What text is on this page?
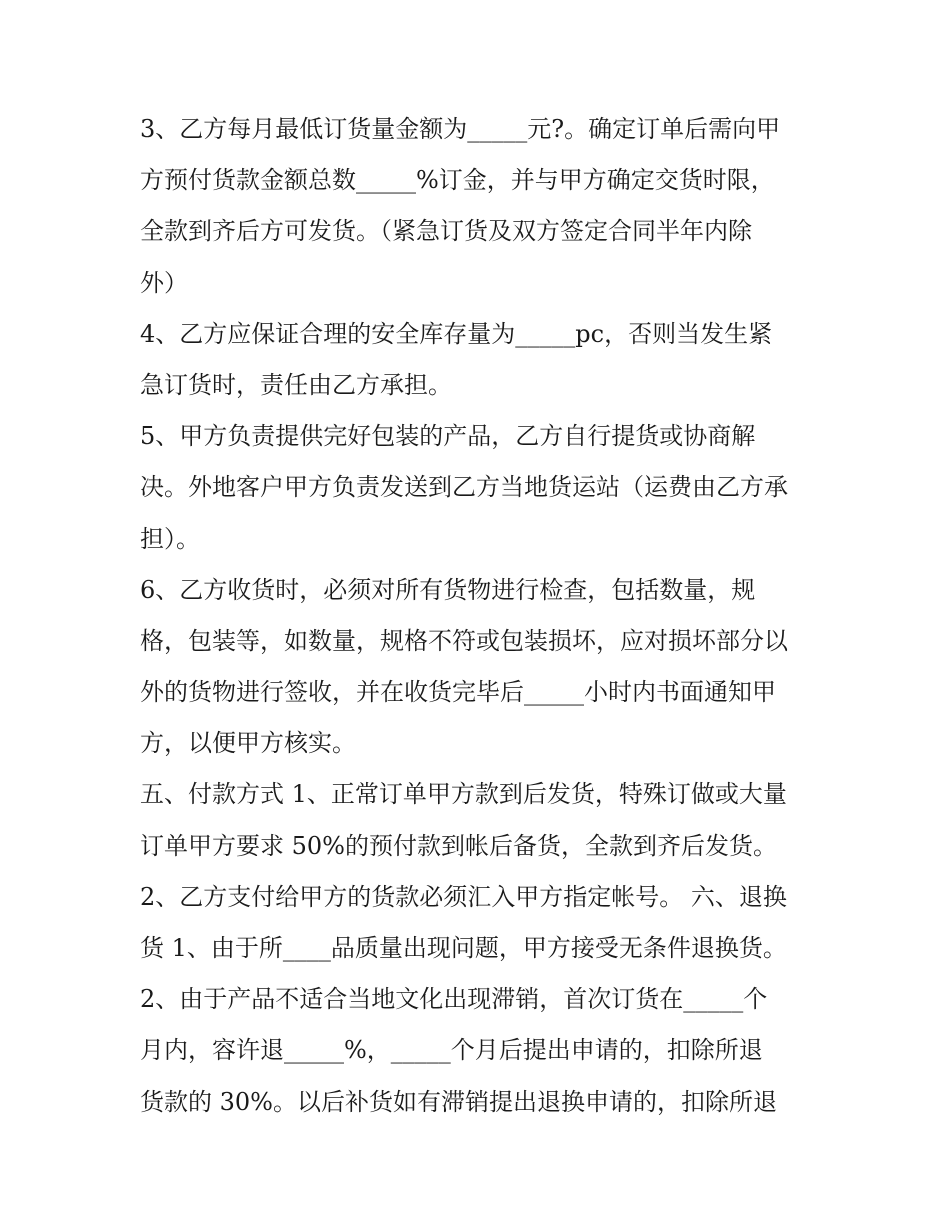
3、乙方每月最低订货量金额为_____元?。确定订单后需向甲
方预付货款金额总数_____%订金，并与甲方确定交货时限，
全款到齐后方可发货。（紧急订货及双方签定合同半年内除
外）
4、乙方应保证合理的安全库存量为_____pc，否则当发生紧
急订货时，责任由乙方承担。
5、甲方负责提供完好包装的产品，乙方自行提货或协商解
决。外地客户甲方负责发送到乙方当地货运站（运费由乙方承
担）。
6、乙方收货时，必须对所有货物进行检查，包括数量，规
格，包装等，如数量，规格不符或包装损坏，应对损坏部分以
外的货物进行签收，并在收货完毕后_____小时内书面通知甲
方，以便甲方核实。
五、付款方式 1、正常订单甲方款到后发货，特殊订做或大量
订单甲方要求 50%的预付款到帐后备货，全款到齐后发货。
2、乙方支付给甲方的货款必须汇入甲方指定帐号。 六、退换
货 1、由于所____品质量出现问题，甲方接受无条件退换货。
2、由于产品不适合当地文化出现滞销，首次订货在_____个
月内，容许退_____%，_____个月后提出申请的，扣除所退
货款的 30%。以后补货如有滞销提出退换申请的，扣除所退
